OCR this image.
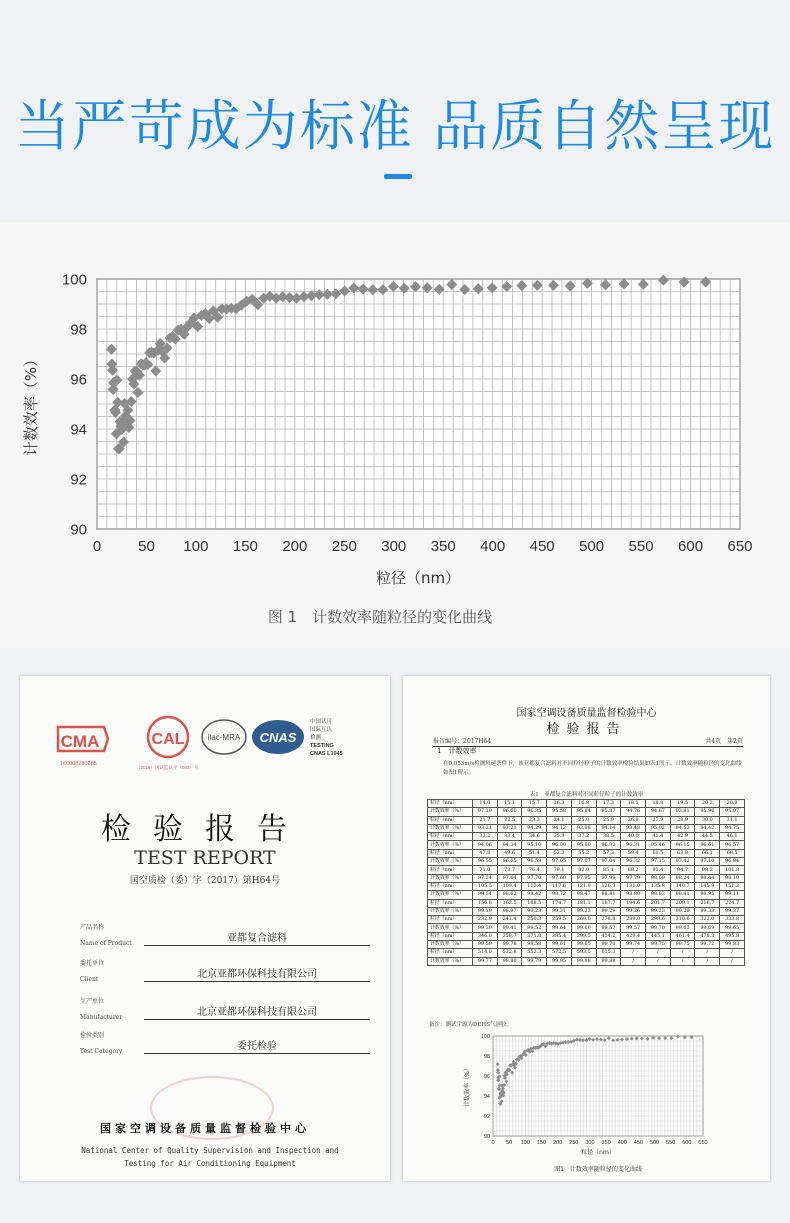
当严苛成为标准 品质自然呈现
0 50 100 150 200 250 300 350 400 450 500 550 600 650
90
92
94
96
98
100
粒径（nm）
计数效率（%）
图 1　计数效率随粒径的变化曲线
CMA
160008280285
CAL
（2016）国认监认字（083）号
ilac-MRA CNAS
中国认可
国际互认
检测
TESTING
CNAS L1045
检验报告
TEST REPORT
国空质检（委）字（2017）第H64号
产品名称

Name of Product	亚都复合滤料
委托单位

Client	北京亚都环保科技有限公司
生产单位

Manufacturer	北京亚都环保科技有限公司
检验类别

Test Category	委托检验
国家空调设备质量监督检验中心
National Center of Quality Supervision and Inspection and
Testing for Air Conditioning Equipment
国家空调设备质量监督检验中心
检验报告
报告编号：2017H64	共4页　第2页
1　计数效率
在0.053m/s检测风速条件下，该亚都复合滤料对不同粒径粒子的计数效率检验结果如表1所示，计数效率随粒径的变化曲线如图1所示。
表1　亚都复合滤料对不同粒径粒子的计数效率
粒径（nm）	14.6	15.1	15.7	16.3	16.8	17.3	18.1	18.8	19.5	20.2	20.9
计数效率（%）	97.19	96.60	96.35	95.58	95.84	95.87	94.76	94.67	93.81	95.96	95.07
粒径（nm）	21.7	22.5	23.3	24.1	25.0	25.9	26.9	27.9	28.9	30.0	31.1
计数效率（%）	93.21	93.21	94.29	94.12	93.98	94.14	93.48	95.02	94.53	94.42	94.75
粒径（nm）	32.2	33.4	34.6	35.9	37.2	38.5	40.0	41.4	42.9	44.5	46.1
计数效率（%）	94.06	94.34	95.10	96.00	95.80	96.32	96.31	95.46	96.15	96.61	96.57
粒径（nm）	47.8	49.6	51.4	53.3	55.2	57.3	59.4	61.5	63.8	66.1	68.5
计数效率（%）	96.55	96.65	96.58	97.05	97.07	97.04	96.32	97.15	97.42	97.10	96.84
粒径（nm）	71.0	73.7	76.4	79.1	82.0	85.1	88.2	91.4	94.7	98.2	101.8
计数效率（%）	97.24	97.64	97.70	97.60	97.95	97.99	97.79	98.09	98.24	98.44	98.10
粒径（nm）	105.5	109.4	113.4	117.6	121.9	126.3	131.0	135.8	140.7	145.9	151.2
计数效率（%）	98.54	98.62	98.42	98.72	98.47	98.81	98.80	98.83	98.81	98.95	99.11
粒径（nm）	156.8	162.5	168.5	174.7	181.1	187.7	194.6	201.7	209.1	216.7	224.7
计数效率（%）	99.19	98.97	99.23	99.31	99.23	99.29	99.26	99.23	99.29	99.33	99.37
粒径（nm）	232.9	241.4	250.3	259.5	269.0	278.8	289.0	299.6	310.6	322.0	333.8
计数效率（%）	99.39	99.41	99.52	99.64	99.60	99.57	99.57	99.70	99.63	99.69	99.65
粒径（nm）	346.0	358.7	371.8	385.4	399.5	414.2	429.4	445.1	461.4	478.3	495.8
计数效率（%）	99.59	99.78	99.58	99.61	99.65	99.70	99.74	99.75	99.75	99.72	99.83
粒径（nm）	514.0	532.8	552.3	572.5	593.5	615.3	/	/	/	/	/
计数效率（%）	99.77	99.80	99.79	99.95	99.88	99.88	/	/	/	/	/
备注：测试尘源为DEHS气溶胶。
0 50 100 150 200 250 300 350 400 450 500 550 600 650
90
92
94
96
98
100
粒径（nm）
计数效率（%）
图1　计数效率随粒径的变化曲线
